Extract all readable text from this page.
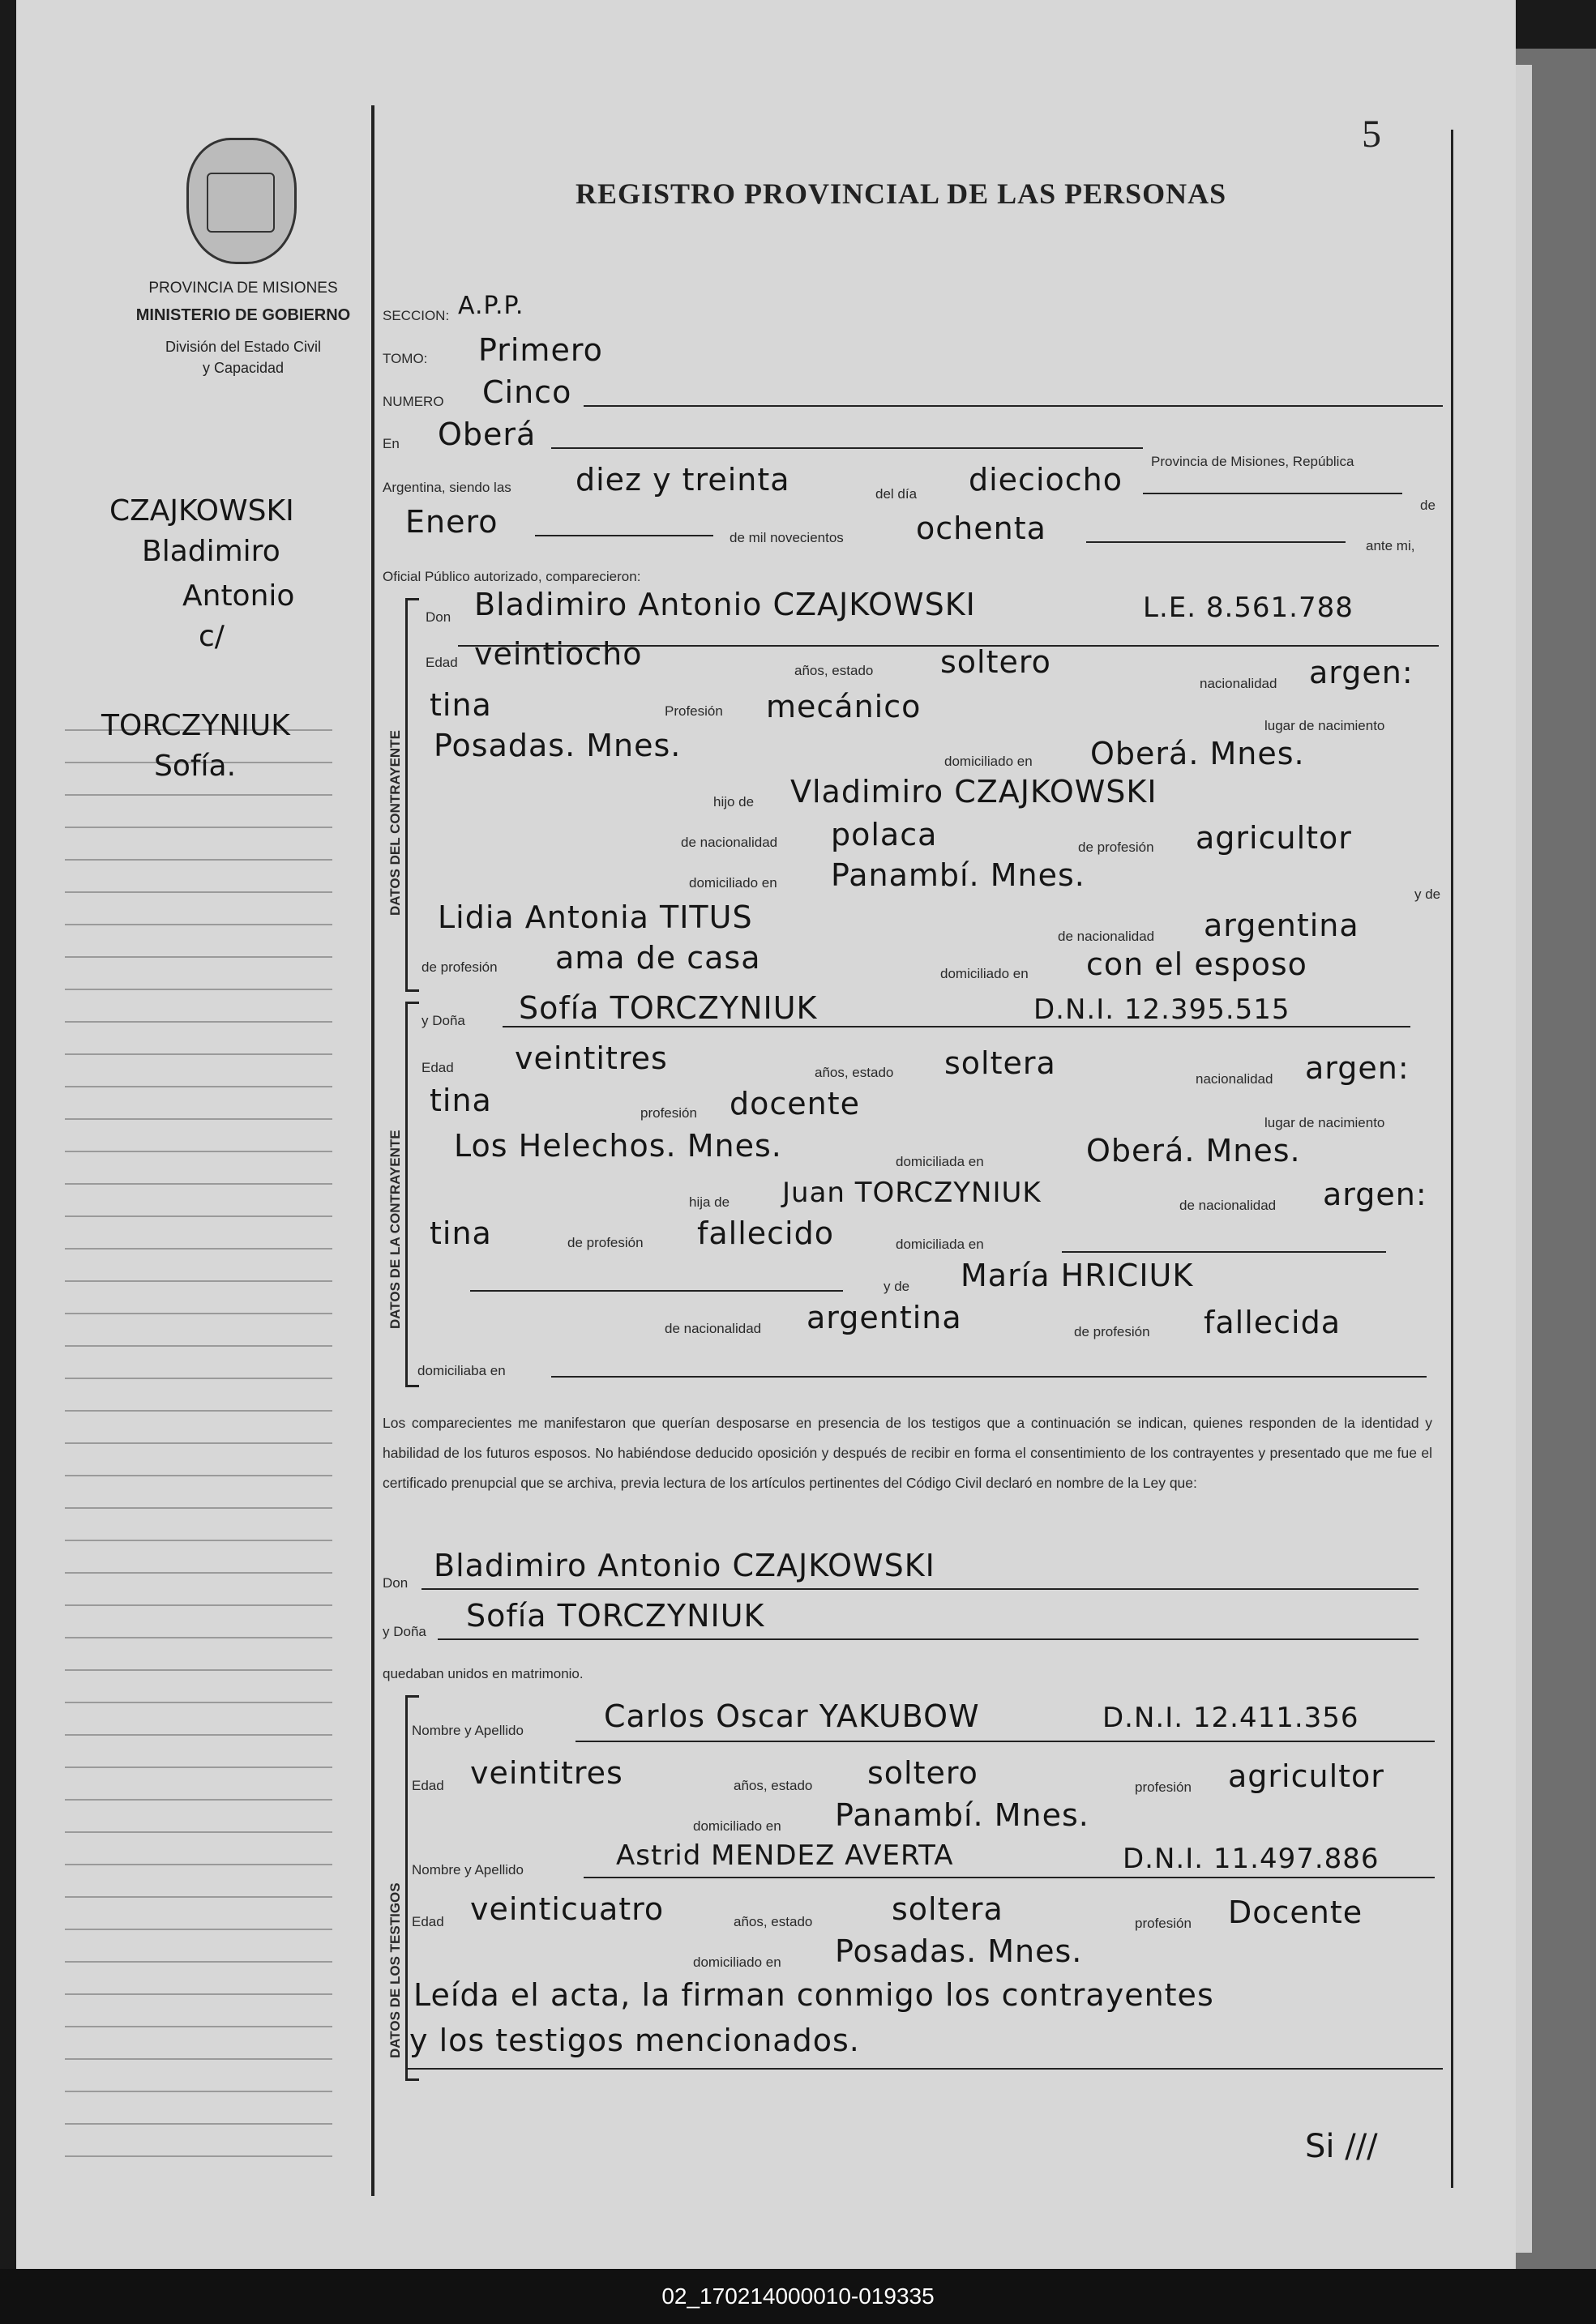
PROVINCIA DE MISIONES
MINISTERIO DE GOBIERNO
División del Estado Civil
y Capacidad
5
REGISTRO PROVINCIAL DE LAS PERSONAS
CZAJKOWSKI
Bladimiro
Antonio
c/
TORCZYNIUK
Sofía.
SECCION: A.P.P.
TOMO: Primero
NUMERO Cinco
En Oberá
Provincia de Misiones, República
Argentina, siendo las diez y treinta	del día dieciocho
de
Enero	de mil novecientos ochenta	ante mi,
Oficial Público autorizado, comparecieron:
DATOS DEL CONTRAYENTE
Don Bladimiro Antonio CZAJKOWSKI	L.E. 8.561.788
Edad veintiocho	años, estado soltero
nacionalidad argen:
tina	Profesión mecánico
lugar de nacimiento
Posadas. Mnes.	domiciliado en Oberá. Mnes.
hijo de Vladimiro CZAJKOWSKI
de nacionalidad polaca	de profesión agricultor
domiciliado en Panambí. Mnes.
y de
Lidia Antonia TITUS
de nacionalidad argentina
de profesión ama de casa	domiciliado en con el esposo
DATOS DE LA CONTRAYENTE
y Doña Sofía TORCZYNIUK	D.N.I. 12.395.515
Edad veintitres	años, estado soltera	nacionalidad argen:
tina	profesión docente
lugar de nacimiento
Los Helechos. Mnes.	domiciliada en	Oberá. Mnes.
hija de Juan TORCZYNIUK	de nacionalidad argen:
tina	de profesión fallecido	domiciliada en
y de María HRICIUK
de nacionalidad argentina	de profesión fallecida
domiciliaba en
Los comparecientes me manifestaron que querían desposarse en presencia de los testigos que a continuación se indican, quienes responden de la identidad y habilidad de los futuros esposos. No habiéndose deducido oposición y después de recibir en forma el consentimiento de los contrayentes y presentado que me fue el certificado prenupcial que se archiva, previa lectura de los artículos pertinentes del Código Civil declaró en nombre de la Ley que:
Don Bladimiro Antonio CZAJKOWSKI
y Doña Sofía TORCZYNIUK
quedaban unidos en matrimonio.
DATOS DE LOS TESTIGOS
Nombre y Apellido	Carlos Oscar YAKUBOW	D.N.I. 12.411.356
Edad veintitres	años, estado soltero	profesión agricultor
domiciliado en Panambí. Mnes.
Nombre y Apellido	Astrid MENDEZ AVERTA	D.N.I. 11.497.886
Edad veinticuatro	años, estado	soltera	profesión Docente
domiciliado en Posadas. Mnes.
Leída el acta, la firman conmigo los contrayentes
y los testigos mencionados.
Si ///
02_170214000010-019335
